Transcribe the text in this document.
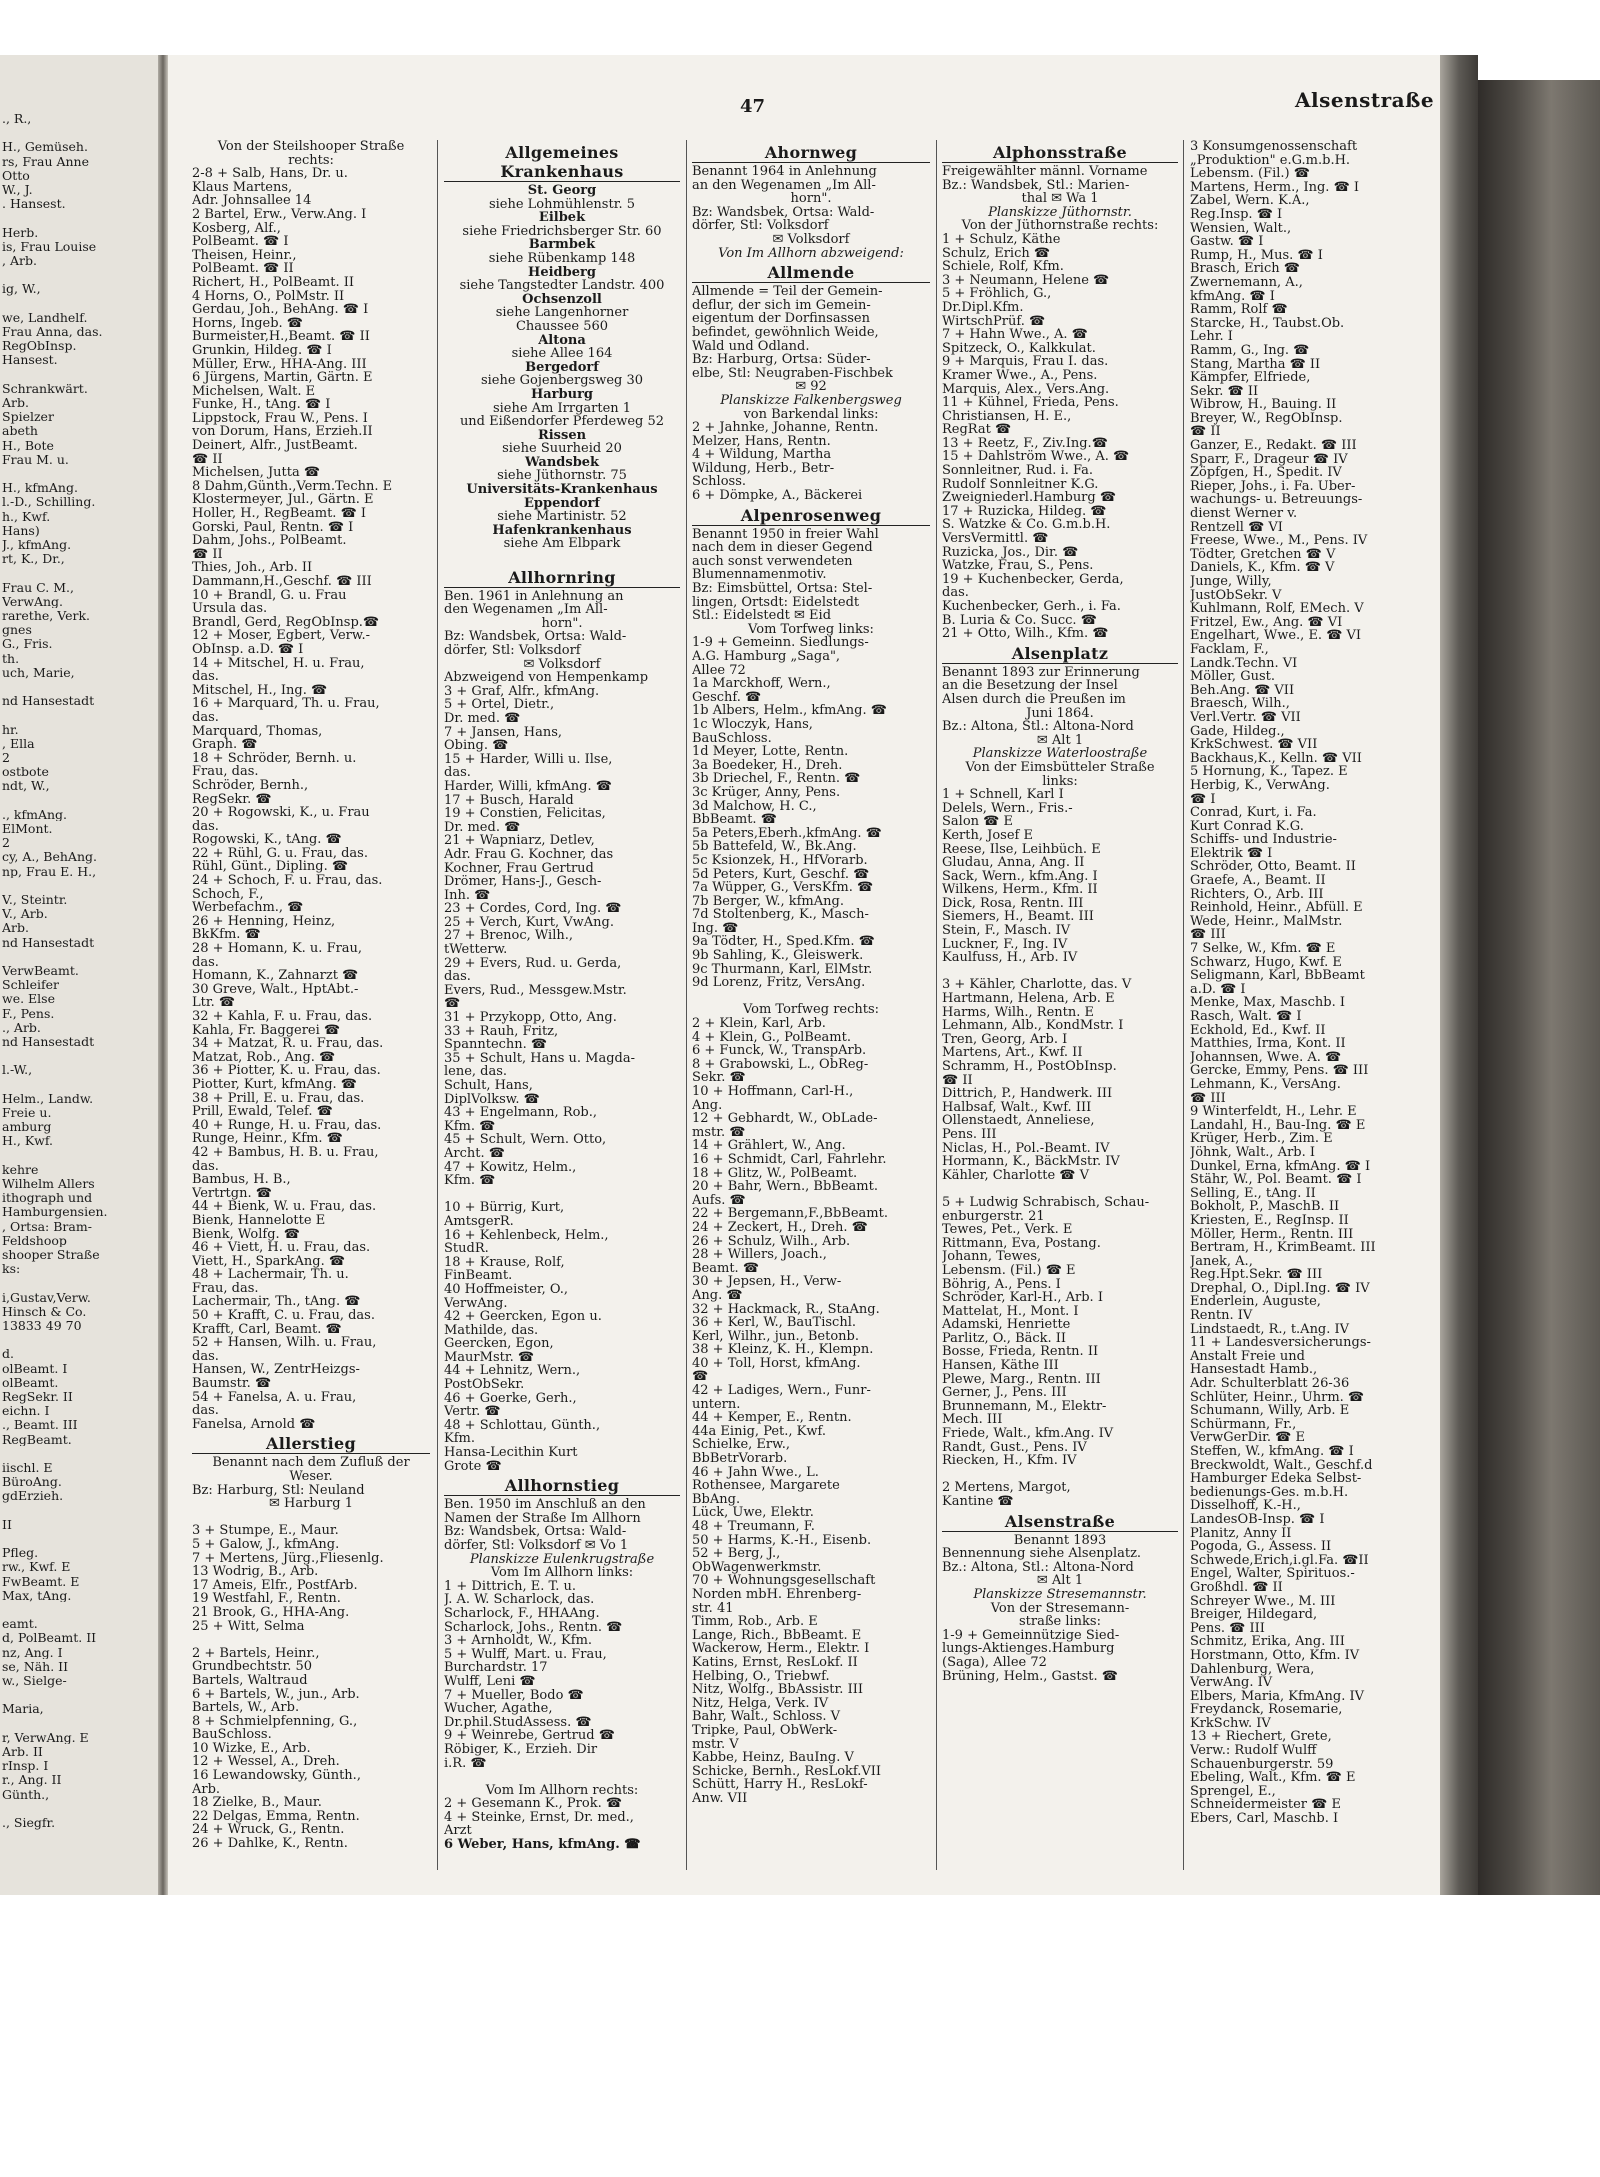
., R.,
H., Gemüseh.
rs, Frau Anne
Otto
W., J.
. Hansest.
Herb.
is, Frau Louise
, Arb.
ig, W.,
we, Landhelf.
Frau Anna, das.
RegObInsp.
Hansest.
Schrankwärt.
Arb.
Spielzer
abeth
H., Bote
Frau M. u.
H., kfmAng.
l.-D., Schilling.
h., Kwf.
Hans)
J., kfmAng.
rt, K., Dr.,
Frau C. M.,
VerwAng.
rarethe, Verk.
gnes
G., Fris.
th.
uch, Marie,
nd Hansestadt
hr.
, Ella
2
ostbote
ndt, W.,
., kfmAng.
ElMont.
2
cy, A., BehAng.
np, Frau E. H.,
V., Steintr.
V., Arb.
Arb.
nd Hansestadt
VerwBeamt.
Schleifer
we. Else
F., Pens.
., Arb.
nd Hansestadt
l.-W.,
Helm., Landw.
Freie u.
amburg
H., Kwf.
kehre
Wilhelm Allers
ithograph und
Hamburgensien.
, Ortsa: Bram-
Feldshoop
shooper Straße
ks:
i,Gustav,Verw.
Hinsch & Co.
13833 49 70
d.
olBeamt. I
olBeamt.
RegSekr. II
eichn. I
., Beamt. III
RegBeamt.
iischl. E
BüroAng.
gdErzieh.
II
Pfleg.
rw., Kwf. E
FwBeamt. E
Max, tAng.
eamt.
d, PolBeamt. II
nz, Ang. I
se, Näh. II
w., Sielge-
Maria,
r, VerwAng. E
Arb. II
rInsp. I
r., Ang. II
Günth.,
., Siegfr.
47	Alsenstraße
Von der Steilshooper Straße
rechts:
2-8 + Salb, Hans, Dr. u.
Klaus Martens,
Adr. Johnsallee 14
2 Bartel, Erw., Verw.Ang. I
Kosberg, Alf.,
PolBeamt. ☎ I
Theisen, Heinr.,
PolBeamt. ☎ II
Richert, H., PolBeamt. II
4 Horns, O., PolMstr. II
Gerdau, Joh., BehAng. ☎ I
Horns, Ingeb. ☎
Burmeister,H.,Beamt. ☎ II
Grunkin, Hildeg. ☎ I
Müller, Erw., HHA-Ang. III
6 Jürgens, Martin, Gärtn. E
Michelsen, Walt. E
Funke, H., tAng. ☎ I
Lippstock, Frau W., Pens. I
von Dorum, Hans, Erzieh.II
Deinert, Alfr., JustBeamt.
☎ II
Michelsen, Jutta ☎
8 Dahm,Günth.,Verm.Techn. E
Klostermeyer, Jul., Gärtn. E
Holler, H., RegBeamt. ☎ I
Gorski, Paul, Rentn. ☎ I
Dahm, Johs., PolBeamt.
☎ II
Thies, Joh., Arb. II
Dammann,H.,Geschf. ☎ III
10 + Brandl, G. u. Frau
Ursula das.
Brandl, Gerd, RegObInsp.☎
12 + Moser, Egbert, Verw.-
ObInsp. a.D. ☎ I
14 + Mitschel, H. u. Frau,
das.
Mitschel, H., Ing. ☎
16 + Marquard, Th. u. Frau,
das.
Marquard, Thomas,
Graph. ☎
18 + Schröder, Bernh. u.
Frau, das.
Schröder, Bernh.,
RegSekr. ☎
20 + Rogowski, K., u. Frau
das.
Rogowski, K., tAng. ☎
22 + Rühl, G. u. Frau, das.
Rühl, Günt., Dipling. ☎
24 + Schoch, F. u. Frau, das.
Schoch, F.,
Werbefachm., ☎
26 + Henning, Heinz,
BkKfm. ☎
28 + Homann, K. u. Frau,
das.
Homann, K., Zahnarzt ☎
30 Greve, Walt., HptAbt.-
Ltr. ☎
32 + Kahla, F. u. Frau, das.
Kahla, Fr. Baggerei ☎
34 + Matzat, R. u. Frau, das.
Matzat, Rob., Ang. ☎
36 + Piotter, K. u. Frau, das.
Piotter, Kurt, kfmAng. ☎
38 + Prill, E. u. Frau, das.
Prill, Ewald, Telef. ☎
40 + Runge, H. u. Frau, das.
Runge, Heinr., Kfm. ☎
42 + Bambus, H. B. u. Frau,
das.
Bambus, H. B.,
Vertrtgn. ☎
44 + Bienk, W. u. Frau, das.
Bienk, Hannelotte E
Bienk, Wolfg. ☎
46 + Viett, H. u. Frau, das.
Viett, H., SparkAng. ☎
48 + Lachermair, Th. u.
Frau, das.
Lachermair, Th., tAng. ☎
50 + Krafft, C. u. Frau, das.
Krafft, Carl, Beamt. ☎
52 + Hansen, Wilh. u. Frau,
das.
Hansen, W., ZentrHeizgs-
Baumstr. ☎
54 + Fanelsa, A. u. Frau,
das.
Fanelsa, Arnold ☎
Allerstieg
Benannt nach dem Zufluß der
Weser.
Bz: Harburg, Stl: Neuland
✉ Harburg 1

3 + Stumpe, E., Maur.
5 + Galow, J., kfmAng.
7 + Mertens, Jürg.,Fliesenlg.
13 Wodrig, B., Arb.
17 Ameis, Elfr., PostfArb.
19 Westfahl, F., Rentn.
21 Brook, G., HHA-Ang.
25 + Witt, Selma

2 + Bartels, Heinr.,
Grundbechtstr. 50
Bartels, Waltraud
6 + Bartels, W., jun., Arb.
Bartels, W., Arb.
8 + Schmielpfenning, G.,
BauSchloss.
10 Wizke, E., Arb.
12 + Wessel, A., Dreh.
16 Lewandowsky, Günth.,
Arb.
18 Zielke, B., Maur.
22 Delgas, Emma, Rentn.
24 + Wruck, G., Rentn.
26 + Dahlke, K., Rentn.
Allgemeines Krankenhaus
St. Georg
siehe Lohmühlenstr. 5
Eilbek
siehe Friedrichsberger Str. 60
Barmbek
siehe Rübenkamp 148
Heidberg
siehe Tangstedter Landstr. 400
Ochsenzoll
siehe Langenhorner
Chaussee 560
Altona
siehe Allee 164
Bergedorf
siehe Gojenbergsweg 30
Harburg
siehe Am Irrgarten 1
und Eißendorfer Pferdeweg 52
Rissen
siehe Suurheid 20
Wandsbek
siehe Jüthornstr. 75
Universitäts-Krankenhaus
Eppendorf
siehe Martinistr. 52
Hafenkrankenhaus
siehe Am Elbpark

Allhornring
Ben. 1961 in Anlehnung an
den Wegenamen „Im All-
horn".
Bz: Wandsbek, Ortsa: Wald-
dörfer, Stl: Volksdorf
✉ Volksdorf
Abzweigend von Hempenkamp
3 + Graf, Alfr., kfmAng.
5 + Ortel, Dietr.,
Dr. med. ☎
7 + Jansen, Hans,
Obing. ☎
15 + Harder, Willi u. Ilse,
das.
Harder, Willi, kfmAng. ☎
17 + Busch, Harald
19 + Constien, Felicitas,
Dr. med. ☎
21 + Wapniarz, Detlev,
Adr. Frau G. Kochner, das
Kochner, Frau Gertrud
Drömer, Hans-J., Gesch-
Inh. ☎
23 + Cordes, Cord, Ing. ☎
25 + Verch, Kurt, VwAng.
27 + Brenoc, Wilh.,
tWetterw.
29 + Evers, Rud. u. Gerda,
das.
Evers, Rud., Messgew.Mstr.
☎
31 + Przykopp, Otto, Ang.
33 + Rauh, Fritz,
Spanntechn. ☎
35 + Schult, Hans u. Magda-
lene, das.
Schult, Hans,
DiplVolksw. ☎
43 + Engelmann, Rob.,
Kfm. ☎
45 + Schult, Wern. Otto,
Archt. ☎
47 + Kowitz, Helm.,
Kfm. ☎

10 + Bürrig, Kurt,
AmtsgerR.
16 + Kehlenbeck, Helm.,
StudR.
18 + Krause, Rolf,
FinBeamt.
40 Hoffmeister, O.,
VerwAng.
42 + Geercken, Egon u.
Mathilde, das.
Geercken, Egon,
MaurMstr. ☎
44 + Lehnitz, Wern.,
PostObSekr.
46 + Goerke, Gerh.,
Vertr. ☎
48 + Schlottau, Günth.,
Kfm.
Hansa-Lecithin Kurt
Grote ☎
Allhornstieg
Ben. 1950 im Anschluß an den
Namen der Straße Im Allhorn
Bz: Wandsbek, Ortsa: Wald-
dörfer, Stl: Volksdorf ✉ Vo 1
Planskizze Eulenkrugstraße
Vom Im Allhorn links:
1 + Dittrich, E. T. u.
J. A. W. Scharlock, das.
Scharlock, F., HHAAng.
Scharlock, Johs., Rentn. ☎
3 + Arnholdt, W., Kfm.
5 + Wulff, Mart. u. Frau,
Burchardstr. 17
Wulff, Leni ☎
7 + Mueller, Bodo ☎
Wucher, Agathe,
Dr.phil.StudAssess. ☎
9 + Weinrebe, Gertrud ☎
Röbiger, K., Erzieh. Dir
i.R. ☎

Vom Im Allhorn rechts:
2 + Gesemann K., Prok. ☎
4 + Steinke, Ernst, Dr. med.,
Arzt
6 Weber, Hans, kfmAng. ☎
Ahornweg
Benannt 1964 in Anlehnung
an den Wegenamen „Im All-
horn".
Bz: Wandsbek, Ortsa: Wald-
dörfer, Stl: Volksdorf
✉ Volksdorf
Von Im Allhorn abzweigend:
Allmende
Allmende = Teil der Gemein-
deflur, der sich im Gemein-
eigentum der Dorfinsassen
befindet, gewöhnlich Weide,
Wald und Ödland.
Bz: Harburg, Ortsa: Süder-
elbe, Stl: Neugraben-Fischbek
✉ 92
Planskizze Falkenbergsweg
von Barkendal links:
2 + Jahnke, Johanne, Rentn.
Melzer, Hans, Rentn.
4 + Wildung, Martha
Wildung, Herb., Betr-
Schloss.
6 + Dömpke, A., Bäckerei
Alpenrosenweg
Benannt 1950 in freier Wahl
nach dem in dieser Gegend
auch sonst verwendeten
Blumennamenmotiv.
Bz: Eimsbüttel, Ortsa: Stel-
lingen, Ortsdt: Eidelstedt
Stl.: Eidelstedt ✉ Eid
Vom Torfweg links:
1-9 + Gemeinn. Siedlungs-
A.G. Hamburg „Saga",
Allee 72
1a Marckhoff, Wern.,
Geschf. ☎
1b Albers, Helm., kfmAng. ☎
1c Wloczyk, Hans,
BauSchloss.
1d Meyer, Lotte, Rentn.
3a Boedeker, H., Dreh.
3b Driechel, F., Rentn. ☎
3c Krüger, Anny, Pens.
3d Malchow, H. C.,
BbBeamt. ☎
5a Peters,Eberh.,kfmAng. ☎
5b Battefeld, W., Bk.Ang.
5c Ksionzek, H., HfVorarb.
5d Peters, Kurt, Geschf. ☎
7a Wüpper, G., VersKfm. ☎
7b Berger, W., kfmAng.
7d Stoltenberg, K., Masch-
Ing. ☎
9a Tödter, H., Sped.Kfm. ☎
9b Sahling, K., Gleiswerk.
9c Thurmann, Karl, ElMstr.
9d Lorenz, Fritz, VersAng.

Vom Torfweg rechts:
2 + Klein, Karl, Arb.
4 + Klein, G., PolBeamt.
6 + Funck, W., TranspArb.
8 + Grabowski, L., ObReg-
Sekr. ☎
10 + Hoffmann, Carl-H.,
Ang.
12 + Gebhardt, W., ObLade-
mstr. ☎
14 + Grählert, W., Ang.
16 + Schmidt, Carl, Fahrlehr.
18 + Glitz, W., PolBeamt.
20 + Bahr, Wern., BbBeamt.
Aufs. ☎
22 + Bergemann,F.,BbBeamt.
24 + Zeckert, H., Dreh. ☎
26 + Schulz, Wilh., Arb.
28 + Willers, Joach.,
Beamt. ☎
30 + Jepsen, H., Verw-
Ang. ☎
32 + Hackmack, R., StaAng.
36 + Kerl, W., BauTischl.
Kerl, Wilhr., jun., Betonb.
38 + Kleinz, K. H., Klempn.
40 + Toll, Horst, kfmAng.
☎
42 + Ladiges, Wern., Funr-
untern.
44 + Kemper, E., Rentn.
44a Einig, Pet., Kwf.
Schielke, Erw.,
BbBetrVorarb.
46 + Jahn Wwe., L.
Rothensee, Margarete
BbAng.
Lück, Uwe, Elektr.
48 + Treumann, F.
50 + Harms, K.-H., Eisenb.
52 + Berg, J.,
ObWagenwerkmstr.
70 + Wohnungsgesellschaft
Norden mbH. Ehrenberg-
str. 41
Timm, Rob., Arb. E
Lange, Rich., BbBeamt. E
Wackerow, Herm., Elektr. I
Katins, Ernst, ResLokf. II
Helbing, O., Triebwf.
Nitz, Wolfg., BbAssistr. III
Nitz, Helga, Verk. IV
Bahr, Walt., Schloss. V
Tripke, Paul, ObWerk-
mstr. V
Kabbe, Heinz, BauIng. V
Schicke, Bernh., ResLokf.VII
Schütt, Harry H., ResLokf-
Anw. VII
Alphonsstraße
Freigewählter männl. Vorname
Bz.: Wandsbek, Stl.: Marien-
thal ✉ Wa 1
Planskizze Jüthornstr.
Von der Jüthornstraße rechts:
1 + Schulz, Käthe
Schulz, Erich ☎
Schiele, Rolf, Kfm.
3 + Neumann, Helene ☎
5 + Fröhlich, G.,
Dr.Dipl.Kfm.
WirtschPrüf. ☎
7 + Hahn Wwe., A. ☎
Spitzeck, O., Kalkkulat.
9 + Marquis, Frau I. das.
Kramer Wwe., A., Pens.
Marquis, Alex., Vers.Ang.
11 + Kühnel, Frieda, Pens.
Christiansen, H. E.,
RegRat ☎
13 + Reetz, F., Ziv.Ing.☎
15 + Dahlström Wwe., A. ☎
Sonnleitner, Rud. i. Fa.
Rudolf Sonnleitner K.G.
Zweigniederl.Hamburg ☎
17 + Ruzicka, Hildeg. ☎
S. Watzke & Co. G.m.b.H.
VersVermittl. ☎
Ruzicka, Jos., Dir. ☎
Watzke, Frau, S., Pens.
19 + Kuchenbecker, Gerda,
das.
Kuchenbecker, Gerh., i. Fa.
B. Luria & Co. Succ. ☎
21 + Otto, Wilh., Kfm. ☎
Alsenplatz
Benannt 1893 zur Erinnerung
an die Besetzung der Insel
Alsen durch die Preußen im
Juni 1864.
Bz.: Altona, Stl.: Altona-Nord
✉ Alt 1
Planskizze Waterloostraße
Von der Eimsbütteler Straße
links:
1 + Schnell, Karl I
Delels, Wern., Fris.-
Salon ☎ E
Kerth, Josef E
Reese, Ilse, Leihbüch. E
Gludau, Anna, Ang. II
Sack, Wern., kfm.Ang. I
Wilkens, Herm., Kfm. II
Dick, Rosa, Rentn. III
Siemers, H., Beamt. III
Stein, F., Masch. IV
Luckner, F., Ing. IV
Kaulfuss, H., Arb. IV

3 + Kähler, Charlotte, das. V
Hartmann, Helena, Arb. E
Harms, Wilh., Rentn. E
Lehmann, Alb., KondMstr. I
Tren, Georg, Arb. I
Martens, Art., Kwf. II
Schramm, H., PostObInsp.
☎ II
Dittrich, P., Handwerk. III
Halbsaf, Walt., Kwf. III
Ollenstaedt, Anneliese,
Pens. III
Niclas, H., Pol.-Beamt. IV
Hormann, K., BäckMstr. IV
Kähler, Charlotte ☎ V

5 + Ludwig Schrabisch, Schau-
enburgerstr. 21
Tewes, Pet., Verk. E
Rittmann, Eva, Postang.
Johann, Tewes,
Lebensm. (Fil.) ☎ E
Böhrig, A., Pens. I
Schröder, Karl-H., Arb. I
Mattelat, H., Mont. I
Adamski, Henriette
Parlitz, O., Bäck. II
Bosse, Frieda, Rentn. II
Hansen, Käthe III
Plewe, Marg., Rentn. III
Gerner, J., Pens. III
Brunnemann, M., Elektr-
Mech. III
Friede, Walt., kfm.Ang. IV
Randt, Gust., Pens. IV
Riecken, H., Kfm. IV

2 Mertens, Margot,
Kantine ☎
Alsenstraße
Benannt 1893
Bennennung siehe Alsenplatz.
Bz.: Altona, Stl.: Altona-Nord
✉ Alt 1
Planskizze Stresemannstr.
Von der Stresemann-
straße links:
1-9 + Gemeinnützige Sied-
lungs-Aktienges.Hamburg
(Saga), Allee 72
Brüning, Helm., Gastst. ☎
3 Konsumgenossenschaft
„Produktion" e.G.m.b.H.
Lebensm. (Fil.) ☎
Martens, Herm., Ing. ☎ I
Zabel, Wern. K.A.,
Reg.Insp. ☎ I
Wensien, Walt.,
Gastw. ☎ I
Rump, H., Mus. ☎ I
Brasch, Erich ☎
Zwernemann, A.,
kfmAng. ☎ I
Ramm, Rolf ☎
Starcke, H., Taubst.Ob.
Lehr. I
Ramm, G., Ing. ☎
Stang, Martha ☎ II
Kämpfer, Elfriede,
Sekr. ☎ II
Wibrow, H., Bauing. II
Breyer, W., RegObInsp.
☎ II
Ganzer, E., Redakt. ☎ III
Sparr, F., Drageur ☎ IV
Zöpfgen, H., Spedit. IV
Rieper, Johs., i. Fa. Über-
wachungs- u. Betreuungs-
dienst Werner v.
Rentzell ☎ VI
Freese, Wwe., M., Pens. IV
Tödter, Gretchen ☎ V
Daniels, K., Kfm. ☎ V
Junge, Willy,
JustObSekr. V
Kuhlmann, Rolf, EMech. V
Fritzel, Ew., Ang. ☎ VI
Engelhart, Wwe., E. ☎ VI
Facklam, F.,
Landk.Techn. VI
Möller, Gust.
Beh.Ang. ☎ VII
Braesch, Wilh.,
Verl.Vertr. ☎ VII
Gade, Hildeg.,
KrkSchwest. ☎ VII
Backhaus,K., Kelln. ☎ VII
5 Hornung, K., Tapez. E
Herbig, K., VerwAng.
☎ I
Conrad, Kurt, i. Fa.
Kurt Conrad K.G.
Schiffs- und Industrie-
Elektrik ☎ I
Schröder, Otto, Beamt. II
Graefe, A., Beamt. II
Richters, O., Arb. III
Reinhold, Heinr., Abfüll. E
Wede, Heinr., MalMstr.
☎ III
7 Selke, W., Kfm. ☎ E
Schwarz, Hugo, Kwf. E
Seligmann, Karl, BbBeamt
a.D. ☎ I
Menke, Max, Maschb. I
Rasch, Walt. ☎ I
Eckhold, Ed., Kwf. II
Matthies, Irma, Kont. II
Johannsen, Wwe. A. ☎
Gercke, Emmy, Pens. ☎ III
Lehmann, K., VersAng.
☎ III
9 Winterfeldt, H., Lehr. E
Landahl, H., Bau-Ing. ☎ E
Krüger, Herb., Zim. E
Jöhnk, Walt., Arb. I
Dunkel, Erna, kfmAng. ☎ I
Stähr, W., Pol. Beamt. ☎ I
Selling, E., tAng. II
Bokholt, P., MaschB. II
Kriesten, E., RegInsp. II
Möller, Herm., Rentn. III
Bertram, H., KrimBeamt. III
Janek, A.,
Reg.Hpt.Sekr. ☎ III
Drephal, O., Dipl.Ing. ☎ IV
Enderlein, Auguste,
Rentn. IV
Lindstaedt, R., t.Ang. IV
11 + Landesversicherungs-
Anstalt Freie und
Hansestadt Hamb.,
Adr. Schulterblatt 26-36
Schlüter, Heinr., Uhrm. ☎
Schumann, Willy, Arb. E
Schürmann, Fr.,
VerwGerDir. ☎ E
Steffen, W., kfmAng. ☎ I
Breckwoldt, Walt., Geschf.d
Hamburger Edeka Selbst-
bedienungs-Ges. m.b.H.
Disselhoff, K.-H.,
LandesOB-Insp. ☎ I
Planitz, Anny II
Pogoda, G., Assess. II
Schwede,Erich,i.gl.Fa. ☎II
Engel, Walter, Spirituos.-
Großhdl. ☎ II
Schreyer Wwe., M. III
Breiger, Hildegard,
Pens. ☎ III
Schmitz, Erika, Ang. III
Horstmann, Otto, Kfm. IV
Dahlenburg, Wera,
VerwAng. IV
Elbers, Maria, KfmAng. IV
Freydanck, Rosemarie,
KrkSchw. IV
13 + Riechert, Grete,
Verw.: Rudolf Wulff
Schauenburgerstr. 59
Ebeling, Walt., Kfm. ☎ E
Sprengel, E.,
Schneidermeister ☎ E
Ebers, Carl, Maschb. I
